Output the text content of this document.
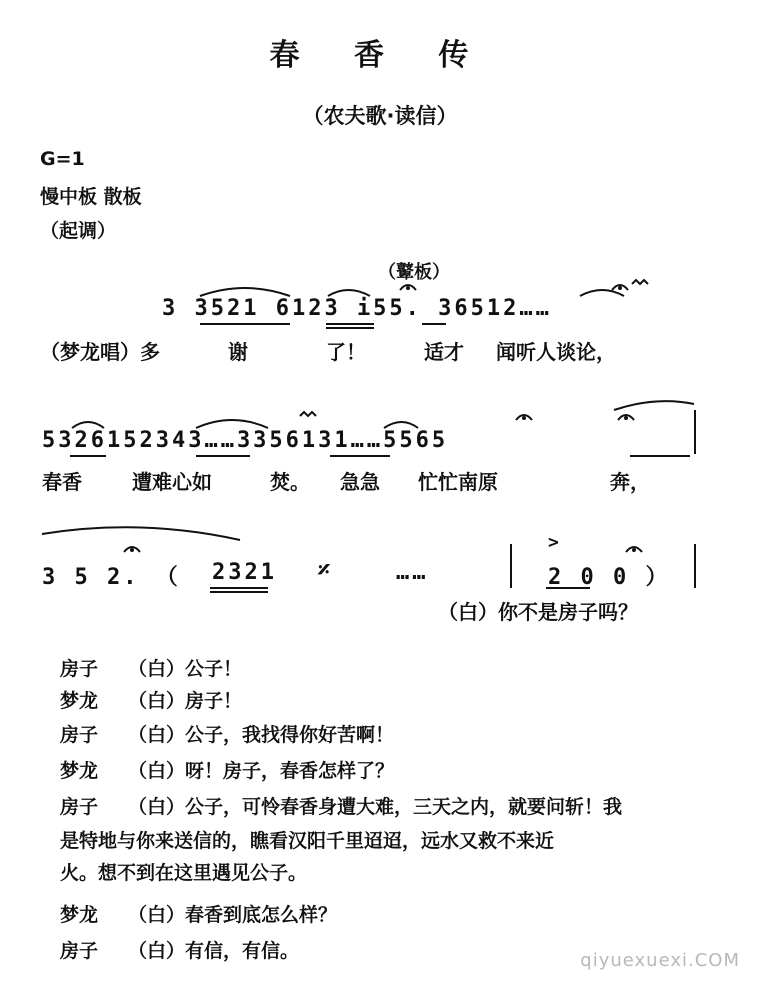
春 香 传
（农夫歌·读信）
G=1
慢中板 散板
（起调）
（鼙板）
3 3521 6123 i55. 36512……
（梦龙唱）多	谢	了！	适才 闻听人谈论，
5326152343……3356131……5565
春香	遭难心如	焚。 急急 忙忙南原	奔，
3 5 2. （ 2321 𝄎	……
>
2 0 0 ）
（白）你不是房子吗？
房子 （白）公子！
梦龙 （白）房子！
房子 （白）公子，我找得你好苦啊！
梦龙 （白）呀！房子，春香怎样了？
房子 （白）公子，可怜春香身遭大难，三天之内，就要问斩！我
是特地与你来送信的，瞧看汉阳千里迢迢，远水又救不来近
火。想不到在这里遇见公子。
梦龙 （白）春香到底怎么样？
房子 （白）有信，有信。	qiyuexuexi.COM
